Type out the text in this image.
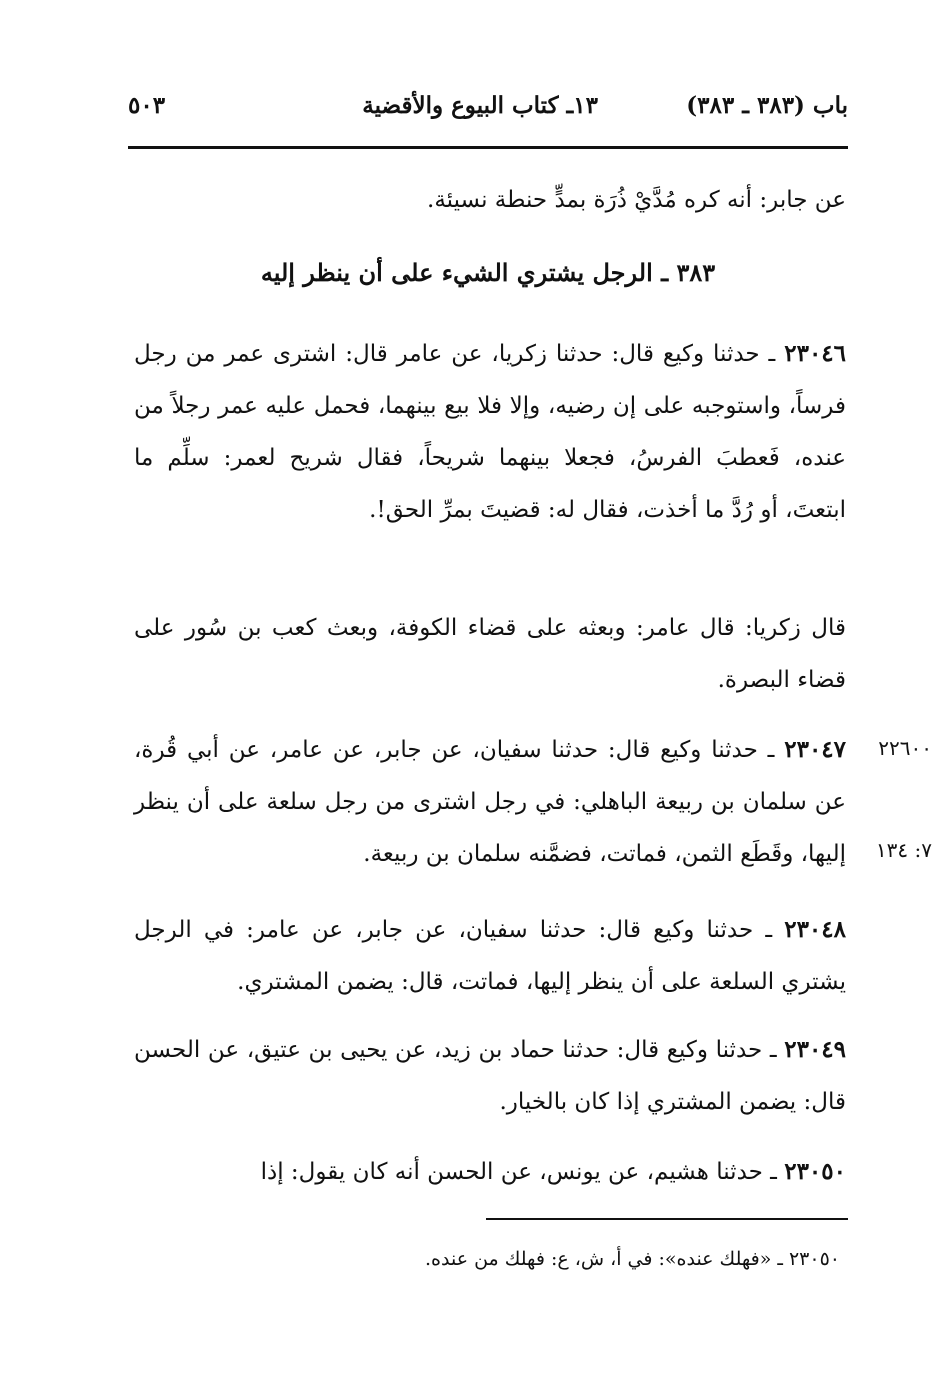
باب (٣٨٣ ـ ٣٨٣)
١٣ـ كتاب البيوع والأقضية
٥٠٣
عن جابر: أنه كره مُدَّيْ ذُرَة بمدٍّ حنطة نسيئة.
٣٨٣ ـ الرجل يشتري الشيء على أن ينظر إليه
٢٣٠٤٦ ـ حدثنا وكيع قال: حدثنا زكريا، عن عامر قال: اشترى عمر من رجل فرساً، واستوجبه على إن رضيه، وإلا فلا بيع بينهما، فحمل عليه عمر رجلاً من عنده، فَعطبَ الفرسُ، فجعلا بينهما شريحاً، فقال شريح لعمر: سلِّم ما ابتعتَ، أو رُدَّ ما أخذت، فقال له: قضيتَ بمرِّ الحق!.
قال زكريا: قال عامر: وبعثه على قضاء الكوفة، وبعث كعب بن سُور على قضاء البصرة.
٢٣٠٤٧ ـ حدثنا وكيع قال: حدثنا سفيان، عن جابر، عن عامر، عن أبي قُرة، عن سلمان بن ربيعة الباهلي: في رجل اشترى من رجل سلعة على أن ينظر إليها، وقَطَع الثمن، فماتت، فضمَّنه سلمان بن ربيعة.
٢٢٦٠٠
٧: ١٣٤
٢٣٠٤٨ ـ حدثنا وكيع قال: حدثنا سفيان، عن جابر، عن عامر: في الرجل يشتري السلعة على أن ينظر إليها، فماتت، قال: يضمن المشتري.
٢٣٠٤٩ ـ حدثنا وكيع قال: حدثنا حماد بن زيد، عن يحيى بن عتيق، عن الحسن قال: يضمن المشتري إذا كان بالخيار.
٢٣٠٥٠ ـ حدثنا هشيم، عن يونس، عن الحسن أنه كان يقول: إذا
٢٣٠٥٠ ـ «فهلك عنده»: في أ، ش، ع: فهلك من عنده.
